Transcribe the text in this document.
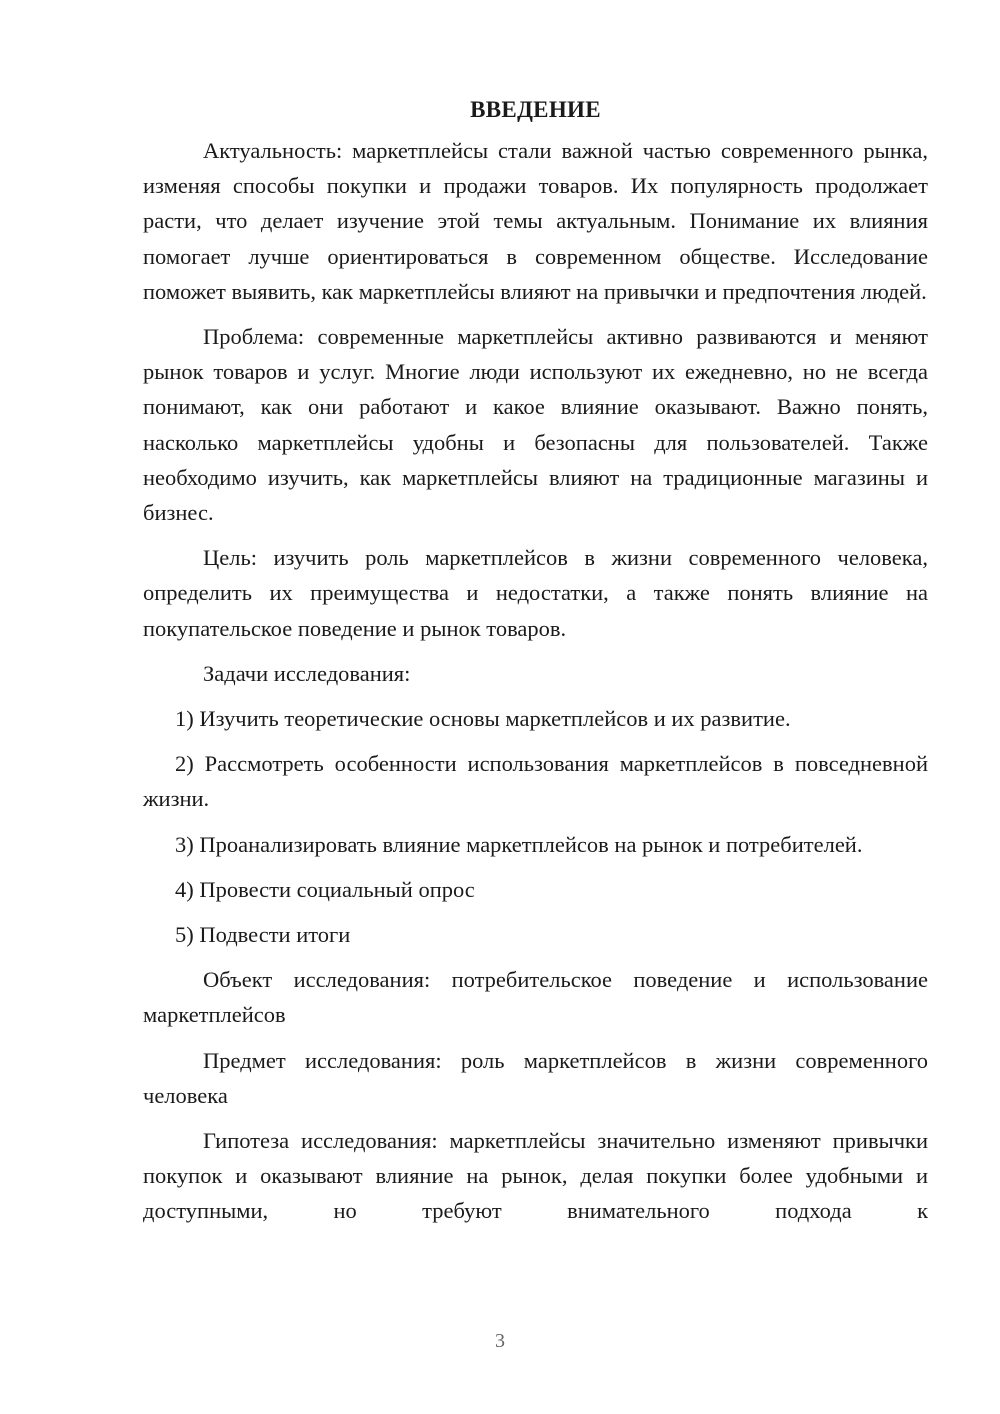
ВВЕДЕНИЕ

Актуальность: маркетплейсы стали важной частью современного рынка, изменяя способы покупки и продажи товаров. Их популярность продолжает расти, что делает изучение этой темы актуальным. Понимание их влияния помогает лучше ориентироваться в современном обществе. Исследование поможет выявить, как маркетплейсы влияют на привычки и предпочтения людей.

Проблема: современные маркетплейсы активно развиваются и меняют рынок товаров и услуг. Многие люди используют их ежедневно, но не всегда понимают, как они работают и какое влияние оказывают. Важно понять, насколько маркетплейсы удобны и безопасны для пользователей. Также необходимо изучить, как маркетплейсы влияют на традиционные магазины и бизнес.

Цель: изучить роль маркетплейсов в жизни современного человека, определить их преимущества и недостатки, а также понять влияние на покупательское поведение и рынок товаров.

Задачи исследования:

1) Изучить теоретические основы маркетплейсов и их развитие.

2) Рассмотреть особенности использования маркетплейсов в повседневной жизни.

3) Проанализировать влияние маркетплейсов на рынок и потребителей.

4) Провести социальный опрос

5) Подвести итоги

Объект исследования: потребительское поведение и использование маркетплейсов

Предмет исследования: роль маркетплейсов в жизни современного человека

Гипотеза исследования: маркетплейсы значительно изменяют привычки покупок и оказывают влияние на рынок, делая покупки более удобными и доступными, но требуют внимательного подхода к

3
